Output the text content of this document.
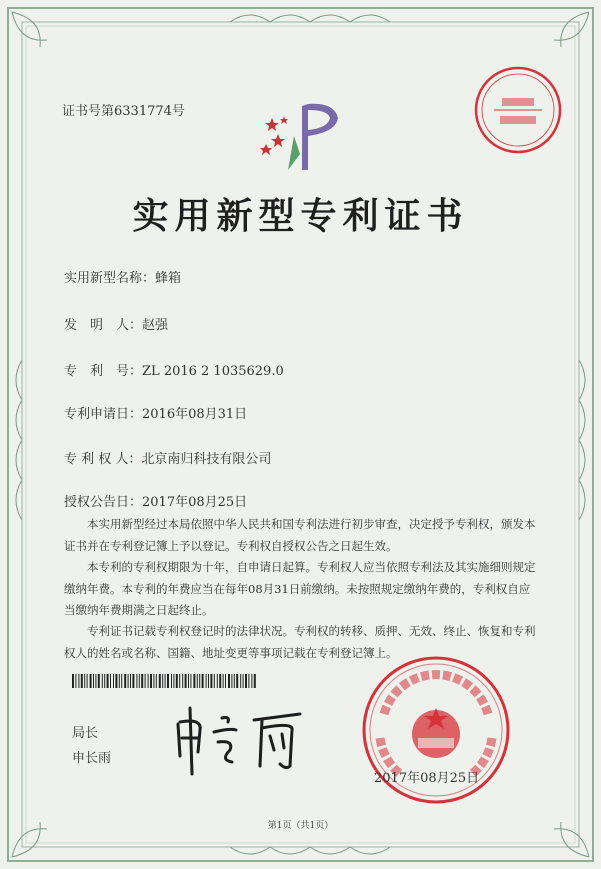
证书号第6331774号
实用新型专利证书
实用新型名称：蜂箱
发　明　人：赵强
专　利　号：ZL 2016 2 1035629.0
专利申请日：2016年08月31日
专 利 权 人：北京南归科技有限公司
授权公告日：2017年08月25日
本实用新型经过本局依照中华人民共和国专利法进行初步审查，决定授予专利权，颁发本证书并在专利登记簿上予以登记。专利权自授权公告之日起生效。
本专利的专利权期限为十年，自申请日起算。专利权人应当依照专利法及其实施细则规定缴纳年费。本专利的年费应当在每年08月31日前缴纳。未按照规定缴纳年费的，专利权自应当缴纳年费期满之日起终止。
专利证书记载专利权登记时的法律状况。专利权的转移、质押、无效、终止、恢复和专利权人的姓名或名称、国籍、地址变更等事项记载在专利登记簿上。
局长
申长雨
2017年08月25日
第1页（共1页）
